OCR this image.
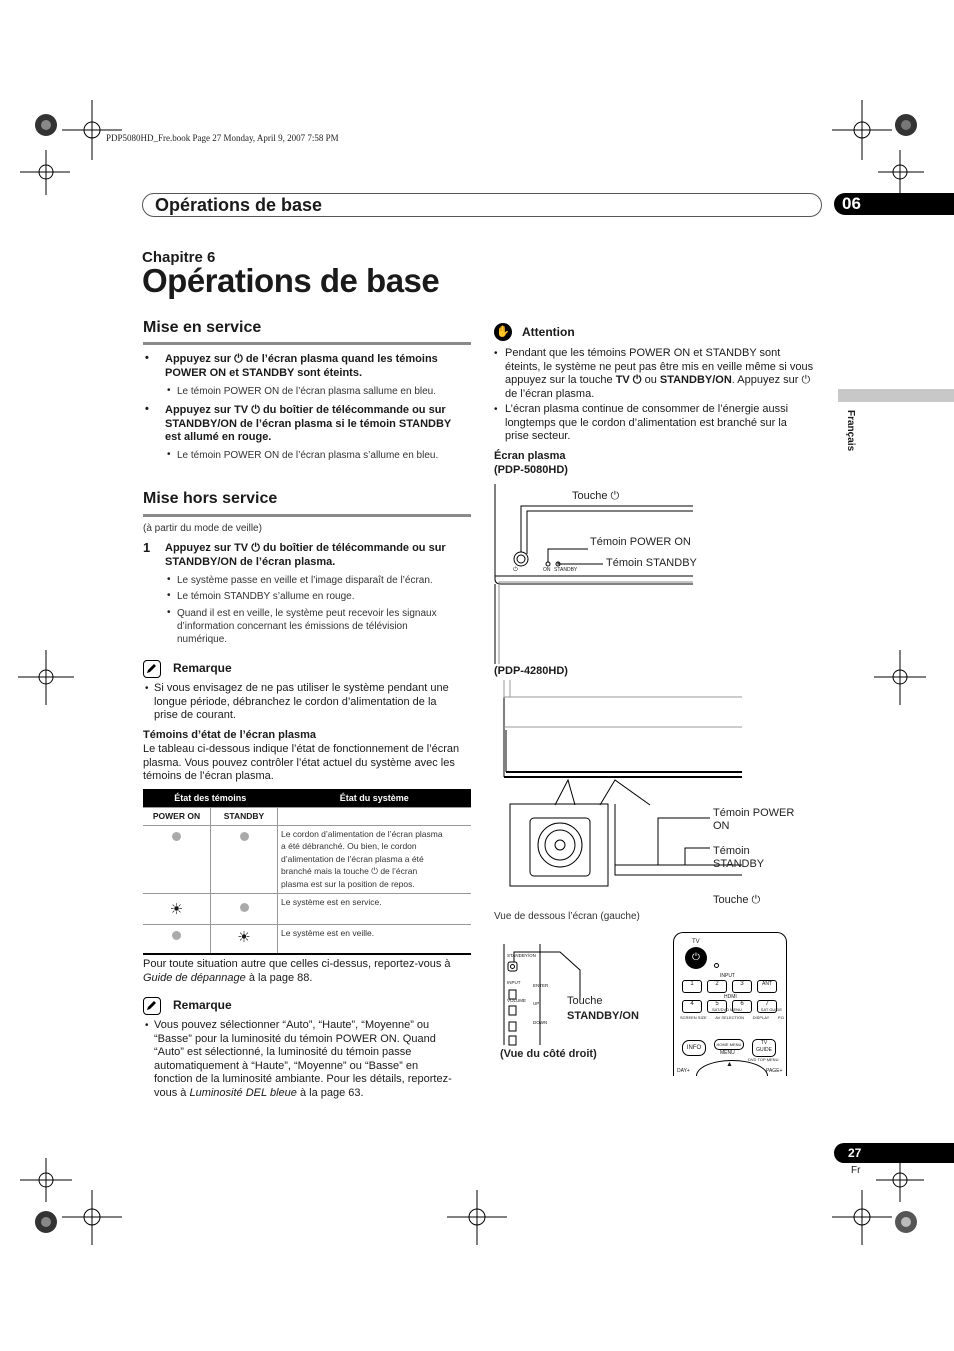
PDP5080HD_Fre.book Page 27 Monday, April 9, 2007 7:58 PM
Opérations de base	06
Chapitre 6
Opérations de base
Français
Mise en service
• Appuyez sur ⏻ de l’écran plasma quand les témoins
POWER ON et STANDBY sont éteints.
• Le témoin POWER ON de l’écran plasma sallume en bleu.
• Appuyez sur TV ⏻ du boîtier de télécommande ou sur
STANDBY/ON de l’écran plasma si le témoin STANDBY
est allumé en rouge.
• Le témoin POWER ON de l’écran plasma s’allume en bleu.
Mise hors service
(à partir du mode de veille)
1 Appuyez sur TV ⏻ du boîtier de télécommande ou sur
STANDBY/ON de l’écran plasma.
• Le système passe en veille et l’image disparaît de l’écran.
• Le témoin STANDBY s’allume en rouge.
• Quand il est en veille, le système peut recevoir les signaux
d’information concernant les émissions de télévision
numérique.
Remarque
• Si vous envisagez de ne pas utiliser le système pendant une
longue période, débranchez le cordon d’alimentation de la
prise de courant.
Témoins d’état de l’écran plasma
Le tableau ci-dessous indique l’état de fonctionnement de l’écran
plasma. Vous pouvez contrôler l’état actuel du système avec les
témoins de l’écran plasma.
État des témoins		État du système
POWER ON	STANDBY	
		Le cordon d’alimentation de l’écran plasma
a été débranché. Ou bien, le cordon
d’alimentation de l’écran plasma a été
branché mais la touche ⏻ de l’écran
plasma est sur la position de repos.
☀		Le système est en service.
	☀	Le système est en veille.
Pour toute situation autre que celles ci-dessus, reportez-vous à
Guide de dépannage à la page 88.
Remarque
• Vous pouvez sélectionner “Auto”, “Haute”, “Moyenne” ou
“Basse” pour la luminosité du témoin POWER ON. Quand
“Auto” est sélectionné, la luminosité du témoin passe
automatiquement à “Haute”, “Moyenne” ou “Basse” en
fonction de la luminosité ambiante. Pour les détails, reportez-
vous à Luminosité DEL bleue à la page 63.
✋ Attention
• Pendant que les témoins POWER ON et STANDBY sont
éteints, le système ne peut pas être mis en veille même si vous
appuyez sur la touche TV ⏻ ou STANDBY/ON. Appuyez sur ⏻
de l’écran plasma.
• L’écran plasma continue de consommer de l’énergie aussi
longtemps que le cordon d’alimentation est branché sur la
prise secteur.
Écran plasma
(PDP-5080HD)
Touche ⏻
Témoin POWER ON
Témoin STANDBY
⏻	ON STANDBY
(PDP-4280HD)
Témoin POWER
ON
Témoin
STANDBY
Touche ⏻
Vue de dessous l’écran (gauche)
STANDBY/ON
INPUT
ENTER
VOLUME
UP
DOWN
Touche
STANDBY/ON
(Vue du côté droit)
TV
⏻
INPUT
1	2	3	ANT
HDMI
4	5	6	7
SCREEN SIZE AV SELECTION DISPLAY P.D
SAT/DVD MENU	SAT GUIDE
INFO
HOME MENU
MENU
TV GUIDE
DVD TOP MENU
▲
DAY+	PAGE+
27
Fr
